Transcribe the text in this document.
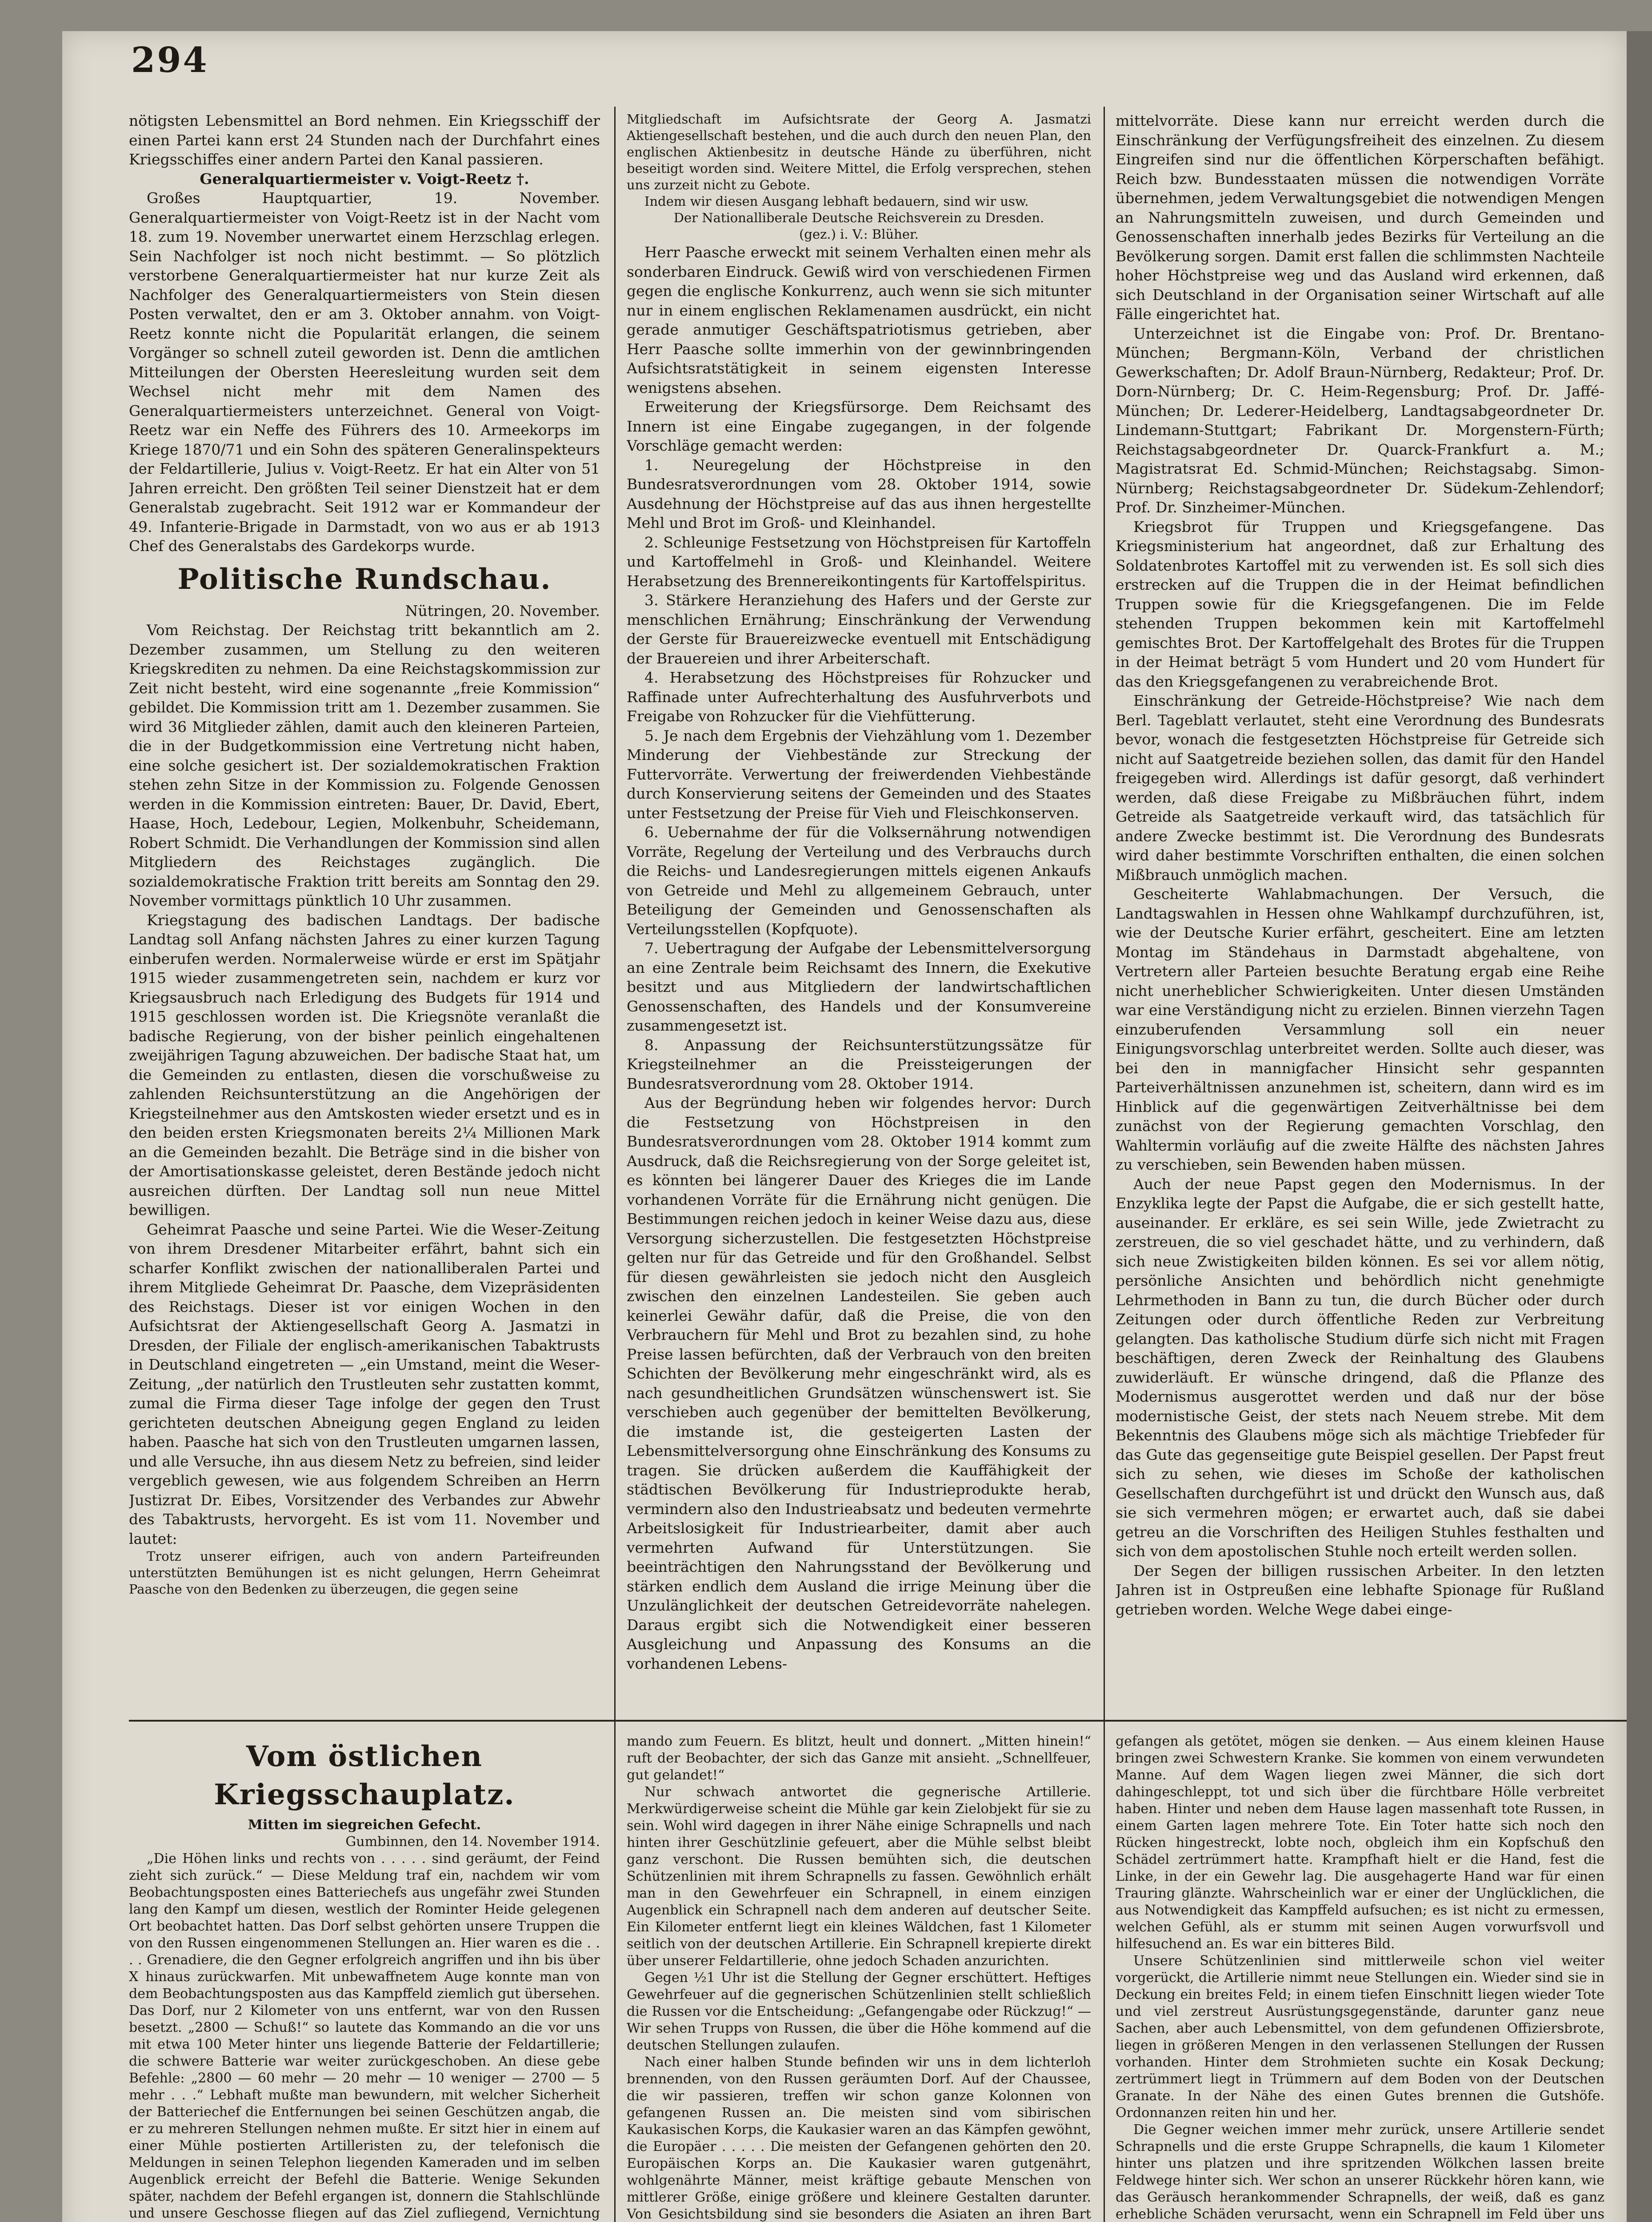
294

nötigsten Lebensmittel an Bord nehmen. Ein Kriegsschiff der einen Partei kann erst 24 Stunden nach der Durchfahrt eines Kriegsschiffes einer andern Partei den Kanal passieren.

Generalquartiermeister v. Voigt-Reetz †.

Großes Hauptquartier, 19. November. Generalquartiermeister von Voigt-Reetz ist in der Nacht vom 18. zum 19. November unerwartet einem Herzschlag erlegen. Sein Nachfolger ist noch nicht bestimmt. — So plötzlich verstorbene Generalquartiermeister hat nur kurze Zeit als Nachfolger des Generalquartiermeisters von Stein diesen Posten verwaltet, den er am 3. Oktober annahm. von Voigt-Reetz konnte nicht die Popularität erlangen, die seinem Vorgänger so schnell zuteil geworden ist. Denn die amtlichen Mitteilungen der Obersten Heeresleitung wurden seit dem Wechsel nicht mehr mit dem Namen des Generalquartiermeisters unterzeichnet. General von Voigt-Reetz war ein Neffe des Führers des 10. Armeekorps im Kriege 1870/71 und ein Sohn des späteren Generalinspekteurs der Feldartillerie, Julius v. Voigt-Reetz. Er hat ein Alter von 51 Jahren erreicht. Den größten Teil seiner Dienstzeit hat er dem Generalstab zugebracht. Seit 1912 war er Kommandeur der 49. Infanterie-Brigade in Darmstadt, von wo aus er ab 1913 Chef des Generalstabs des Gardekorps wurde.

Politische Rundschau.

Nütringen, 20. November.

Vom Reichstag. Der Reichstag tritt bekanntlich am 2. Dezember zusammen, um Stellung zu den weiteren Kriegskrediten zu nehmen. Da eine Reichstagskommission zur Zeit nicht besteht, wird eine sogenannte „freie Kommission“ gebildet. Die Kommission tritt am 1. Dezember zusammen. Sie wird 36 Mitglieder zählen, damit auch den kleineren Parteien, die in der Budgetkommission eine Vertretung nicht haben, eine solche gesichert ist. Der sozialdemokratischen Fraktion stehen zehn Sitze in der Kommission zu. Folgende Genossen werden in die Kommission eintreten: Bauer, Dr. David, Ebert, Haase, Hoch, Ledebour, Legien, Molkenbuhr, Scheidemann, Robert Schmidt. Die Verhandlungen der Kommission sind allen Mitgliedern des Reichstages zugänglich. Die sozialdemokratische Fraktion tritt bereits am Sonntag den 29. November vormittags pünktlich 10 Uhr zusammen.

Kriegstagung des badischen Landtags. Der badische Landtag soll Anfang nächsten Jahres zu einer kurzen Tagung einberufen werden. Normalerweise würde er erst im Spätjahr 1915 wieder zusammengetreten sein, nachdem er kurz vor Kriegsausbruch nach Erledigung des Budgets für 1914 und 1915 geschlossen worden ist. Die Kriegsnöte veranlaßt die badische Regierung, von der bisher peinlich eingehaltenen zweijährigen Tagung abzuweichen. Der badische Staat hat, um die Gemeinden zu entlasten, diesen die vorschußweise zu zahlenden Reichsunterstützung an die Angehörigen der Kriegsteilnehmer aus den Amtskosten wieder ersetzt und es in den beiden ersten Kriegsmonaten bereits 2¼ Millionen Mark an die Gemeinden bezahlt. Die Beträge sind in die bisher von der Amortisationskasse geleistet, deren Bestände jedoch nicht ausreichen dürften. Der Landtag soll nun neue Mittel bewilligen.

Geheimrat Paasche und seine Partei. Wie die Weser-Zeitung von ihrem Dresdener Mitarbeiter erfährt, bahnt sich ein scharfer Konflikt zwischen der nationalliberalen Partei und ihrem Mitgliede Geheimrat Dr. Paasche, dem Vizepräsidenten des Reichstags. Dieser ist vor einigen Wochen in den Aufsichtsrat der Aktiengesellschaft Georg A. Jasmatzi in Dresden, der Filiale der englisch-amerikanischen Tabaktrusts in Deutschland eingetreten — „ein Umstand, meint die Weser-Zeitung, „der natürlich den Trustleuten sehr zustatten kommt, zumal die Firma dieser Tage infolge der gegen den Trust gerichteten deutschen Abneigung gegen England zu leiden haben. Paasche hat sich von den Trustleuten umgarnen lassen, und alle Versuche, ihn aus diesem Netz zu befreien, sind leider vergeblich gewesen, wie aus folgendem Schreiben an Herrn Justizrat Dr. Eibes, Vorsitzender des Verbandes zur Abwehr des Tabaktrusts, hervorgeht. Es ist vom 11. November und lautet:

Trotz unserer eifrigen, auch von andern Parteifreunden unterstützten Bemühungen ist es nicht gelungen, Herrn Geheimrat Paasche von den Bedenken zu überzeugen, die gegen seine

Mitgliedschaft im Aufsichtsrate der Georg A. Jasmatzi Aktiengesellschaft bestehen, und die auch durch den neuen Plan, den englischen Aktienbesitz in deutsche Hände zu überführen, nicht beseitigt worden sind. Weitere Mittel, die Erfolg versprechen, stehen uns zurzeit nicht zu Gebote.

Indem wir diesen Ausgang lebhaft bedauern, sind wir usw.

Der Nationalliberale Deutsche Reichsverein zu Dresden.

(gez.) i. V.: Blüher.

Herr Paasche erweckt mit seinem Verhalten einen mehr als sonderbaren Eindruck. Gewiß wird von verschiedenen Firmen gegen die englische Konkurrenz, auch wenn sie sich mitunter nur in einem englischen Reklamenamen ausdrückt, ein nicht gerade anmutiger Geschäftspatriotismus getrieben, aber Herr Paasche sollte immerhin von der gewinnbringenden Aufsichtsratstätigkeit in seinem eigensten Interesse wenigstens absehen.

Erweiterung der Kriegsfürsorge. Dem Reichsamt des Innern ist eine Eingabe zugegangen, in der folgende Vorschläge gemacht werden:

1. Neuregelung der Höchstpreise in den Bundesratsverordnungen vom 28. Oktober 1914, sowie Ausdehnung der Höchstpreise auf das aus ihnen hergestellte Mehl und Brot im Groß- und Kleinhandel.

2. Schleunige Festsetzung von Höchstpreisen für Kartoffeln und Kartoffelmehl in Groß- und Kleinhandel. Weitere Herabsetzung des Brennereikontingents für Kartoffelspiritus.

3. Stärkere Heranziehung des Hafers und der Gerste zur menschlichen Ernährung; Einschränkung der Verwendung der Gerste für Brauereizwecke eventuell mit Entschädigung der Brauereien und ihrer Arbeiterschaft.

4. Herabsetzung des Höchstpreises für Rohzucker und Raffinade unter Aufrechterhaltung des Ausfuhrverbots und Freigabe von Rohzucker für die Viehfütterung.

5. Je nach dem Ergebnis der Viehzählung vom 1. Dezember Minderung der Viehbestände zur Streckung der Futtervorräte. Verwertung der freiwerdenden Viehbestände durch Konservierung seitens der Gemeinden und des Staates unter Festsetzung der Preise für Vieh und Fleischkonserven.

6. Uebernahme der für die Volksernährung notwendigen Vorräte, Regelung der Verteilung und des Verbrauchs durch die Reichs- und Landesregierungen mittels eigenen Ankaufs von Getreide und Mehl zu allgemeinem Gebrauch, unter Beteiligung der Gemeinden und Genossenschaften als Verteilungsstellen (Kopfquote).

7. Uebertragung der Aufgabe der Lebensmittelversorgung an eine Zentrale beim Reichsamt des Innern, die Exekutive besitzt und aus Mitgliedern der landwirtschaftlichen Genossenschaften, des Handels und der Konsumvereine zusammengesetzt ist.

8. Anpassung der Reichsunterstützungssätze für Kriegsteilnehmer an die Preissteigerungen der Bundesratsverordnung vom 28. Oktober 1914.

Aus der Begründung heben wir folgendes hervor: Durch die Festsetzung von Höchstpreisen in den Bundesratsverordnungen vom 28. Oktober 1914 kommt zum Ausdruck, daß die Reichsregierung von der Sorge geleitet ist, es könnten bei längerer Dauer des Krieges die im Lande vorhandenen Vorräte für die Ernährung nicht genügen. Die Bestimmungen reichen jedoch in keiner Weise dazu aus, diese Versorgung sicherzustellen. Die festgesetzten Höchstpreise gelten nur für das Getreide und für den Großhandel. Selbst für diesen gewährleisten sie jedoch nicht den Ausgleich zwischen den einzelnen Landesteilen. Sie geben auch keinerlei Gewähr dafür, daß die Preise, die von den Verbrauchern für Mehl und Brot zu bezahlen sind, zu hohe Preise lassen befürchten, daß der Verbrauch von den breiten Schichten der Bevölkerung mehr eingeschränkt wird, als es nach gesundheitlichen Grundsätzen wünschenswert ist. Sie verschieben auch gegenüber der bemittelten Bevölkerung, die imstande ist, die gesteigerten Lasten der Lebensmittelversorgung ohne Einschränkung des Konsums zu tragen. Sie drücken außerdem die Kauffähigkeit der städtischen Bevölkerung für Industrieprodukte herab, vermindern also den Industrieabsatz und bedeuten vermehrte Arbeitslosigkeit für Industriearbeiter, damit aber auch vermehrten Aufwand für Unterstützungen. Sie beeinträchtigen den Nahrungsstand der Bevölkerung und stärken endlich dem Ausland die irrige Meinung über die Unzulänglichkeit der deutschen Getreidevorräte nahelegen. Daraus ergibt sich die Notwendigkeit einer besseren Ausgleichung und Anpassung des Konsums an die vorhandenen Lebens-

mittelvorräte. Diese kann nur erreicht werden durch die Einschränkung der Verfügungsfreiheit des einzelnen. Zu diesem Eingreifen sind nur die öffentlichen Körperschaften befähigt. Reich bzw. Bundesstaaten müssen die notwendigen Vorräte übernehmen, jedem Verwaltungsgebiet die notwendigen Mengen an Nahrungsmitteln zuweisen, und durch Gemeinden und Genossenschaften innerhalb jedes Bezirks für Verteilung an die Bevölkerung sorgen. Damit erst fallen die schlimmsten Nachteile hoher Höchstpreise weg und das Ausland wird erkennen, daß sich Deutschland in der Organisation seiner Wirtschaft auf alle Fälle eingerichtet hat.

Unterzeichnet ist die Eingabe von: Prof. Dr. Brentano-München; Bergmann-Köln, Verband der christlichen Gewerkschaften; Dr. Adolf Braun-Nürnberg, Redakteur; Prof. Dr. Dorn-Nürnberg; Dr. C. Heim-Regensburg; Prof. Dr. Jaffé-München; Dr. Lederer-Heidelberg, Landtagsabgeordneter Dr. Lindemann-Stuttgart; Fabrikant Dr. Morgenstern-Fürth; Reichstagsabgeordneter Dr. Quarck-Frankfurt a. M.; Magistratsrat Ed. Schmid-München; Reichstagsabg. Simon-Nürnberg; Reichstagsabgeordneter Dr. Südekum-Zehlendorf; Prof. Dr. Sinzheimer-München.

Kriegsbrot für Truppen und Kriegsgefangene. Das Kriegsministerium hat angeordnet, daß zur Erhaltung des Soldatenbrotes Kartoffel mit zu verwenden ist. Es soll sich dies erstrecken auf die Truppen die in der Heimat befindlichen Truppen sowie für die Kriegsgefangenen. Die im Felde stehenden Truppen bekommen kein mit Kartoffelmehl gemischtes Brot. Der Kartoffelgehalt des Brotes für die Truppen in der Heimat beträgt 5 vom Hundert und 20 vom Hundert für das den Kriegsgefangenen zu verabreichende Brot.

Einschränkung der Getreide-Höchstpreise? Wie nach dem Berl. Tageblatt verlautet, steht eine Verordnung des Bundesrats bevor, wonach die festgesetzten Höchstpreise für Getreide sich nicht auf Saatgetreide beziehen sollen, das damit für den Handel freigegeben wird. Allerdings ist dafür gesorgt, daß verhindert werden, daß diese Freigabe zu Mißbräuchen führt, indem Getreide als Saatgetreide verkauft wird, das tatsächlich für andere Zwecke bestimmt ist. Die Verordnung des Bundesrats wird daher bestimmte Vorschriften enthalten, die einen solchen Mißbrauch unmöglich machen.

Gescheiterte Wahlabmachungen. Der Versuch, die Landtagswahlen in Hessen ohne Wahlkampf durchzuführen, ist, wie der Deutsche Kurier erfährt, gescheitert. Eine am letzten Montag im Ständehaus in Darmstadt abgehaltene, von Vertretern aller Parteien besuchte Beratung ergab eine Reihe nicht unerheblicher Schwierigkeiten. Unter diesen Umständen war eine Verständigung nicht zu erzielen. Binnen vierzehn Tagen einzuberufenden Versammlung soll ein neuer Einigungsvorschlag unterbreitet werden. Sollte auch dieser, was bei den in mannigfacher Hinsicht sehr gespannten Parteiverhältnissen anzunehmen ist, scheitern, dann wird es im Hinblick auf die gegenwärtigen Zeitverhältnisse bei dem zunächst von der Regierung gemachten Vorschlag, den Wahltermin vorläufig auf die zweite Hälfte des nächsten Jahres zu verschieben, sein Bewenden haben müssen.

Auch der neue Papst gegen den Modernismus. In der Enzyklika legte der Papst die Aufgabe, die er sich gestellt hatte, auseinander. Er erkläre, es sei sein Wille, jede Zwietracht zu zerstreuen, die so viel geschadet hätte, und zu verhindern, daß sich neue Zwistigkeiten bilden können. Es sei vor allem nötig, persönliche Ansichten und behördlich nicht genehmigte Lehrmethoden in Bann zu tun, die durch Bücher oder durch Zeitungen oder durch öffentliche Reden zur Verbreitung gelangten. Das katholische Studium dürfe sich nicht mit Fragen beschäftigen, deren Zweck der Reinhaltung des Glaubens zuwiderläuft. Er wünsche dringend, daß die Pflanze des Modernismus ausgerottet werden und daß nur der böse modernistische Geist, der stets nach Neuem strebe. Mit dem Bekenntnis des Glaubens möge sich als mächtige Triebfeder für das Gute das gegenseitige gute Beispiel gesellen. Der Papst freut sich zu sehen, wie dieses im Schoße der katholischen Gesellschaften durchgeführt ist und drückt den Wunsch aus, daß sie sich vermehren mögen; er erwartet auch, daß sie dabei getreu an die Vorschriften des Heiligen Stuhles festhalten und sich von dem apostolischen Stuhle noch erteilt werden sollen.

Der Segen der billigen russischen Arbeiter. In den letzten Jahren ist in Ostpreußen eine lebhafte Spionage für Rußland getrieben worden. Welche Wege dabei einge-

Vom östlichen Kriegsschauplatz.

Mitten im siegreichen Gefecht.

Gumbinnen, den 14. November 1914.

„Die Höhen links und rechts von . . . . . sind geräumt, der Feind zieht sich zurück.“ — Diese Meldung traf ein, nachdem wir vom Beobachtungsposten eines Batteriechefs aus ungefähr zwei Stunden lang den Kampf um diesen, westlich der Rominter Heide gelegenen Ort beobachtet hatten. Das Dorf selbst gehörten unsere Truppen die von den Russen eingenommenen Stellungen an. Hier waren es die . . . . Grenadiere, die den Gegner erfolgreich angriffen und ihn bis über X hinaus zurückwarfen. Mit unbewaffnetem Auge konnte man von dem Beobachtungsposten aus das Kampffeld ziemlich gut übersehen. Das Dorf, nur 2 Kilometer von uns entfernt, war von den Russen besetzt. „2800 — Schuß!“ so lautete das Kommando an die vor uns mit etwa 100 Meter hinter uns liegende Batterie der Feldartillerie; die schwere Batterie war weiter zurückgeschoben. An diese gebe Befehle: „2800 — 60 mehr — 20 mehr — 10 weniger — 2700 — 5 mehr . . .“ Lebhaft mußte man bewundern, mit welcher Sicherheit der Batteriechef die Entfernungen bei seinen Geschützen angab, die er zu mehreren Stellungen nehmen mußte. Er sitzt hier in einem auf einer Mühle postierten Artilleristen zu, der telefonisch die Meldungen in seinen Telephon liegenden Kameraden und im selben Augenblick erreicht der Befehl die Batterie. Wenige Sekunden später, nachdem der Befehl ergangen ist, donnern die Stahlschlünde und unsere Geschosse fliegen auf das Ziel zufliegend, Vernichtung

mando zum Feuern. Es blitzt, heult und donnert. „Mitten hinein!“ ruft der Beobachter, der sich das Ganze mit ansieht. „Schnellfeuer, gut gelandet!“

Nur schwach antwortet die gegnerische Artillerie. Merkwürdigerweise scheint die Mühle gar kein Zielobjekt für sie zu sein. Wohl wird dagegen in ihrer Nähe einige Schrapnells und nach hinten ihrer Geschützlinie gefeuert, aber die Mühle selbst bleibt ganz verschont. Die Russen bemühten sich, die deutschen Schützenlinien mit ihrem Schrapnells zu fassen. Gewöhnlich erhält man in den Gewehrfeuer ein Schrapnell, in einem einzigen Augenblick ein Schrapnell nach dem anderen auf deutscher Seite. Ein Kilometer entfernt liegt ein kleines Wäldchen, fast 1 Kilometer seitlich von der deutschen Artillerie. Ein Schrapnell krepierte direkt über unserer Feldartillerie, ohne jedoch Schaden anzurichten.

Gegen ½1 Uhr ist die Stellung der Gegner erschüttert. Heftiges Gewehrfeuer auf die gegnerischen Schützenlinien stellt schließlich die Russen vor die Entscheidung: „Gefangengabe oder Rückzug!“ — Wir sehen Trupps von Russen, die über die Höhe kommend auf die deutschen Stellungen zulaufen.

Nach einer halben Stunde befinden wir uns in dem lichterloh brennenden, von den Russen geräumten Dorf. Auf der Chaussee, die wir passieren, treffen wir schon ganze Kolonnen von gefangenen Russen an. Die meisten sind vom sibirischen Kaukasischen Korps, die Kaukasier waren an das Kämpfen gewöhnt, die Europäer . . . . . Die meisten der Gefangenen gehörten den 20. Europäischen Korps an. Die Kaukasier waren gutgenährt, wohlgenährte Männer, meist kräftige gebaute Menschen von mittlerer Größe, einige größere und kleinere Gestalten darunter. Von Gesichtsbildung sind sie besonders die Asiaten an ihren Bart

gefangen als getötet, mögen sie denken. — Aus einem kleinen Hause bringen zwei Schwestern Kranke. Sie kommen von einem verwundeten Manne. Auf dem Wagen liegen zwei Männer, die sich dort dahingeschleppt, tot und sich über die fürchtbare Hölle verbreitet haben. Hinter und neben dem Hause lagen massenhaft tote Russen, in einem Garten lagen mehrere Tote. Ein Toter hatte sich noch den Rücken hingestreckt, lobte noch, obgleich ihm ein Kopfschuß den Schädel zertrümmert hatte. Krampfhaft hielt er die Hand, fest die Linke, in der ein Gewehr lag. Die ausgehagerte Hand war für einen Trauring glänzte. Wahrscheinlich war er einer der Unglücklichen, die aus Notwendigkeit das Kampffeld aufsuchen; es ist nicht zu ermessen, welchen Gefühl, als er stumm mit seinen Augen vorwurfsvoll und hilfesuchend an. Es war ein bitteres Bild.

Unsere Schützenlinien sind mittlerweile schon viel weiter vorgerückt, die Artillerie nimmt neue Stellungen ein. Wieder sind sie in Deckung ein breites Feld; in einem tiefen Einschnitt liegen wieder Tote und viel zerstreut Ausrüstungsgegenstände, darunter ganz neue Sachen, aber auch Lebensmittel, von dem gefundenen Offiziersbrote, liegen in größeren Mengen in den verlassenen Stellungen der Russen vorhanden. Hinter dem Strohmieten suchte ein Kosak Deckung; zertrümmert liegt in Trümmern auf dem Boden von der Deutschen Granate. In der Nähe des einen Gutes brennen die Gutshöfe. Ordonnanzen reiten hin und her.

Die Gegner weichen immer mehr zurück, unsere Artillerie sendet Schrapnells und die erste Gruppe Schrapnells, die kaum 1 Kilometer hinter uns platzen und ihre spritzenden Wölkchen lassen breite Feldwege hinter sich. Wer schon an unserer Rückkehr hören kann, wie das Geräusch herankommender Schrapnells, der weiß, daß es ganz erhebliche Schäden verursacht, wenn ein Schrapnell im Feld über uns
